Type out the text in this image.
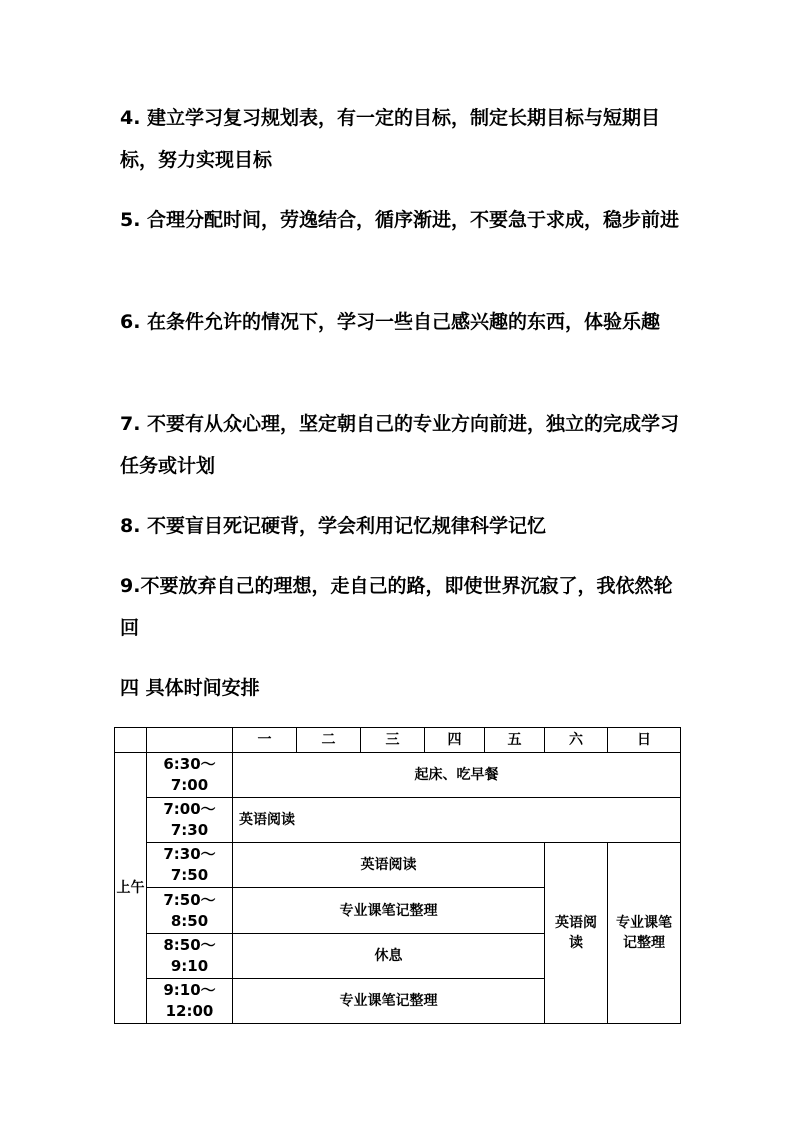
4. 建立学习复习规划表，有一定的目标，制定长期目标与短期目标，努力实现目标

5. 合理分配时间，劳逸结合，循序渐进，不要急于求成，稳步前进

6. 在条件允许的情况下，学习一些自己感兴趣的东西，体验乐趣

7. 不要有从众心理，坚定朝自己的专业方向前进，独立的完成学习任务或计划

8. 不要盲目死记硬背，学会利用记忆规律科学记忆

9.不要放弃自己的理想，走自己的路，即使世界沉寂了，我依然轮回

四 具体时间安排

		一	二	三	四	五	六	日
上午	6:30～7:00	起床、吃早餐						
	7:00～7:30	英语阅读						
	7:30～7:50	英语阅读					英语阅读	专业课笔记整理
	7:50～8:50	专业课笔记整理						
	8:50～9:10	休息						
	9:10～12:00	专业课笔记整理						
